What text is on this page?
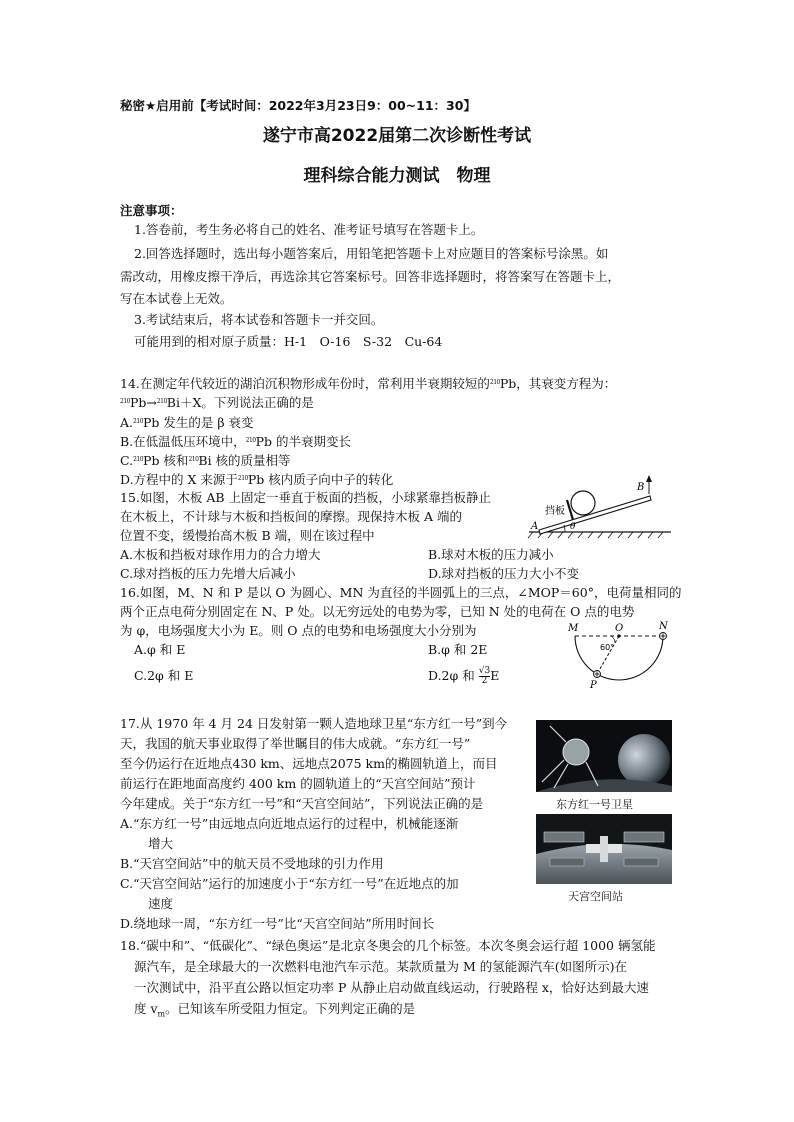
秘密★启用前【考试时间：2022年3月23日9：00~11：30】
遂宁市高2022届第二次诊断性考试
理科综合能力测试　物理
注意事项：
1.答卷前，考生务必将自己的姓名、准考证号填写在答题卡上。
2.回答选择题时，选出每小题答案后，用铅笔把答题卡上对应题目的答案标号涂黑。如
需改动，用橡皮擦干净后，再选涂其它答案标号。回答非选择题时，将答案写在答题卡上，
写在本试卷上无效。
3.考试结束后，将本试卷和答题卡一并交回。
可能用到的相对原子质量：H-1　O-16　S-32　Cu-64
14.在测定年代较近的湖泊沉积物形成年份时，常利用半衰期较短的$^{210}$Pb，其衰变方程为：
$^{210}$Pb→$^{210}$Bi＋X。下列说法正确的是
A.$^{210}$Pb 发生的是 β 衰变
B.在低温低压环境中，$^{210}$Pb 的半衰期变长
C.$^{210}$Pb 核和$^{210}$Bi 核的质量相等
D.方程中的 X 来源于$^{210}$Pb 核内质子向中子的转化
15.如图，木板 AB 上固定一垂直于板面的挡板，小球紧靠挡板静止
在木板上，不计球与木板和挡板间的摩擦。现保持木板 A 端的
位置不变，缓慢抬高木板 B 端，则在该过程中
A.木板和挡板对球作用力的合力增大	B.球对木板的压力减小
C.球对挡板的压力先增大后减小	D.球对挡板的压力大小不变
挡板
A
B
θ
16.如图，M、N 和 P 是以 O 为圆心、MN 为直径的半圆弧上的三点，∠MOP＝60°，电荷量相同的
两个正点电荷分别固定在 N、P 处。以无穷远处的电势为零，已知 N 处的电荷在 O 点的电势
为 φ，电场强度大小为 E。则 O 点的电势和电场强度大小分别为
A.φ 和 E	B.φ 和 2E
C.2φ 和 E	D.2φ 和 $\frac{√3}{2}$ E
M	O	N
P
60°
17.从 1970 年 4 月 24 日发射第一颗人造地球卫星“东方红一号”到今
天，我国的航天事业取得了举世瞩目的伟大成就。“东方红一号”
至今仍运行在近地点430 km、远地点2075 km的椭圆轨道上，而目
前运行在距地面高度约 400 km 的圆轨道上的“天宫空间站”预计
今年建成。关于“东方红一号”和“天宫空间站”，下列说法正确的是
A.“东方红一号”由远地点向近地点运行的过程中，机械能逐渐
增大
B.“天宫空间站”中的航天员不受地球的引力作用
C.“天宫空间站”运行的加速度小于“东方红一号”在近地点的加
速度
D.绕地球一周，“东方红一号”比“天宫空间站”所用时间长
东方红一号卫星
天宫空间站
18.“碳中和”、“低碳化”、“绿色奥运”是北京冬奥会的几个标签。本次冬奥会运行超 1000 辆氢能
源汽车，是全球最大的一次燃料电池汽车示范。某款质量为 M 的氢能源汽车(如图所示)在
一次测试中，沿平直公路以恒定功率 P 从静止启动做直线运动，行驶路程 x，恰好达到最大速
度 $v_m$。已知该车所受阻力恒定。下列判定正确的是
